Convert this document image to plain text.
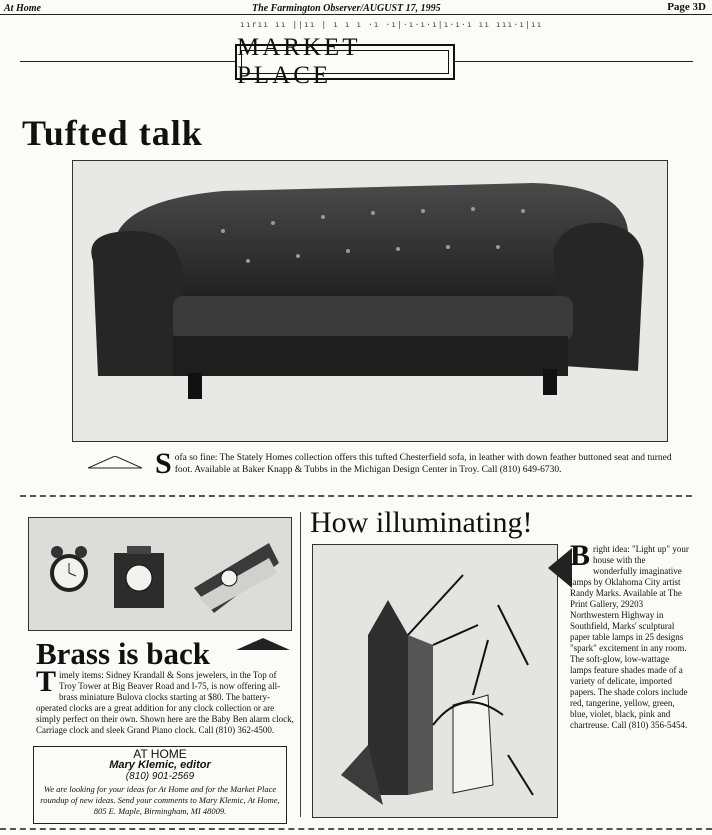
At Home	The Farmington Observer/AUGUST 17, 1995	Page 3D
ıırıı ıı ||ıı | ı ı ı ·ı ·ı|·ı·ı·ı|ı·ı·ı ıı ııı·ı|ıı
MARKET PLACE
Tufted talk
Sofa so fine: The Stately Homes collection offers this tufted Chesterfield sofa, in leather with down feather buttoned seat and turned foot. Available at Baker Knapp & Tubbs in the Michigan Design Center in Troy. Call (810) 649-6730.
Brass is back
Timely items: Sidney Krandall & Sons jewelers, in the Top of Troy Tower at Big Beaver Road and I-75, is now offering all-brass miniature Bulova clocks starting at $80. The battery-operated clocks are a great addition for any clock collection or are simply perfect on their own. Shown here are the Baby Ben alarm clock, Carriage clock and sleek Grand Piano clock. Call (810) 362-4500.
AT HOME
Mary Klemic, editor
(810) 901-2569
We are looking for your ideas for At Home and for the Market Place roundup of new ideas. Send your comments to Mary Klemic, At Home, 805 E. Maple, Birmingham, MI 48009.
How illuminating!
Bright idea: "Light up" your house with the wonderfully imaginative lamps by Oklahoma City artist Randy Marks. Available at The Print Gallery, 29203 Northwestern Highway in Southfield, Marks' sculptural paper table lamps in 25 designs "spark" excitement in any room. The soft-glow, low-wattage lamps feature shades made of a variety of delicate, imported papers. The shade colors include red, tangerine, yellow, green, blue, violet, black, pink and chartreuse. Call (810) 356-5454.
